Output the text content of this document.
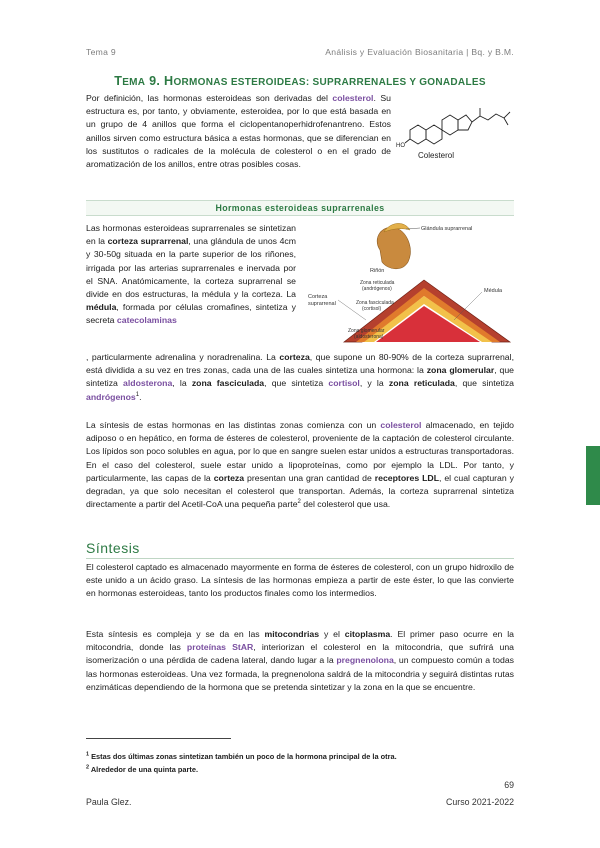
Tema 9	Análisis y Evaluación Biosanitaria | Bq. y B.M.
TEMA 9. HORMONAS ESTEROIDEAS: SUPRARRENALES Y GONADALES
Por definición, las hormonas esteroideas son derivadas del colesterol. Su estructura es, por tanto, y obviamente, esteroidea, por lo que está basada en un grupo de 4 anillos que forma el ciclopentanoperhidrofenantreno. Estos anillos sirven como estructura básica a estas hormonas, que se diferencian en los sustitutos o radicales de la molécula de colesterol o en el grado de aromatización de los anillos, entre otras posibles cosas.
HO
Colesterol
Hormonas esteroideas suprarrenales
Las hormonas esteroideas suprarrenales se sintetizan en la corteza suprarrenal, una glándula de unos 4cm y 30-50g situada en la parte superior de los riñones, irrigada por las arterias suprarrenales e inervada por el SNA. Anatómicamente, la corteza suprarrenal se divide en dos estructuras, la médula y la corteza. La médula, formada por células cromafines, sintetiza y secreta catecolaminas
, particularmente adrenalina y noradrenalina. La corteza, que supone un 80-90% de la corteza suprarrenal, está dividida a su vez en tres zonas, cada una de las cuales sintetiza una hormona: la zona glomerular, que sintetiza aldosterona, la zona fasciculada, que sintetiza cortisol, y la zona reticulada, que sintetiza andrógenos$^1$.
Glándula suprarrenal
Riñón
Corteza
suprarrenal
Zona reticulada
(andrógenos)
Zona fasciculada
(cortisol)
Zona glomerular
(aldosterona)
Médula
La síntesis de estas hormonas en las distintas zonas comienza con un colesterol almacenado, en tejido adiposo o en hepático, en forma de ésteres de colesterol, proveniente de la captación de colesterol circulante. Los lípidos son poco solubles en agua, por lo que en sangre suelen estar unidos a estructuras transportadoras. En el caso del colesterol, suele estar unido a lipoproteínas, como por ejemplo la LDL. Por tanto, y particularmente, las capas de la corteza presentan una gran cantidad de receptores LDL, el cual capturan y degradan, ya que solo necesitan el colesterol que transportan. Además, la corteza suprarrenal sintetiza directamente a partir del Acetil-CoA una pequeña parte$^2$ del colesterol que usa.
Síntesis
El colesterol captado es almacenado mayormente en forma de ésteres de colesterol, con un grupo hidroxilo de este unido a un ácido graso. La síntesis de las hormonas empieza a partir de este éster, lo que las convierte en hormonas esteroideas, tanto los productos finales como los intermedios.
Esta síntesis es compleja y se da en las mitocondrias y el citoplasma. El primer paso ocurre en la mitocondria, donde las proteínas StAR, interiorizan el colesterol en la mitocondria, que sufrirá una isomerización o una pérdida de cadena lateral, dando lugar a la pregnenolona, un compuesto común a todas las hormonas esteroideas. Una vez formada, la pregnenolona saldrá de la mitocondria y seguirá distintas rutas enzimáticas dependiendo de la hormona que se pretenda sintetizar y la zona en la que se encuentre.
$^1$ Estas dos últimas zonas sintetizan también un poco de la hormona principal de la otra.
$^2$ Alrededor de una quinta parte.
69
Paula Glez.	Curso 2021-2022
